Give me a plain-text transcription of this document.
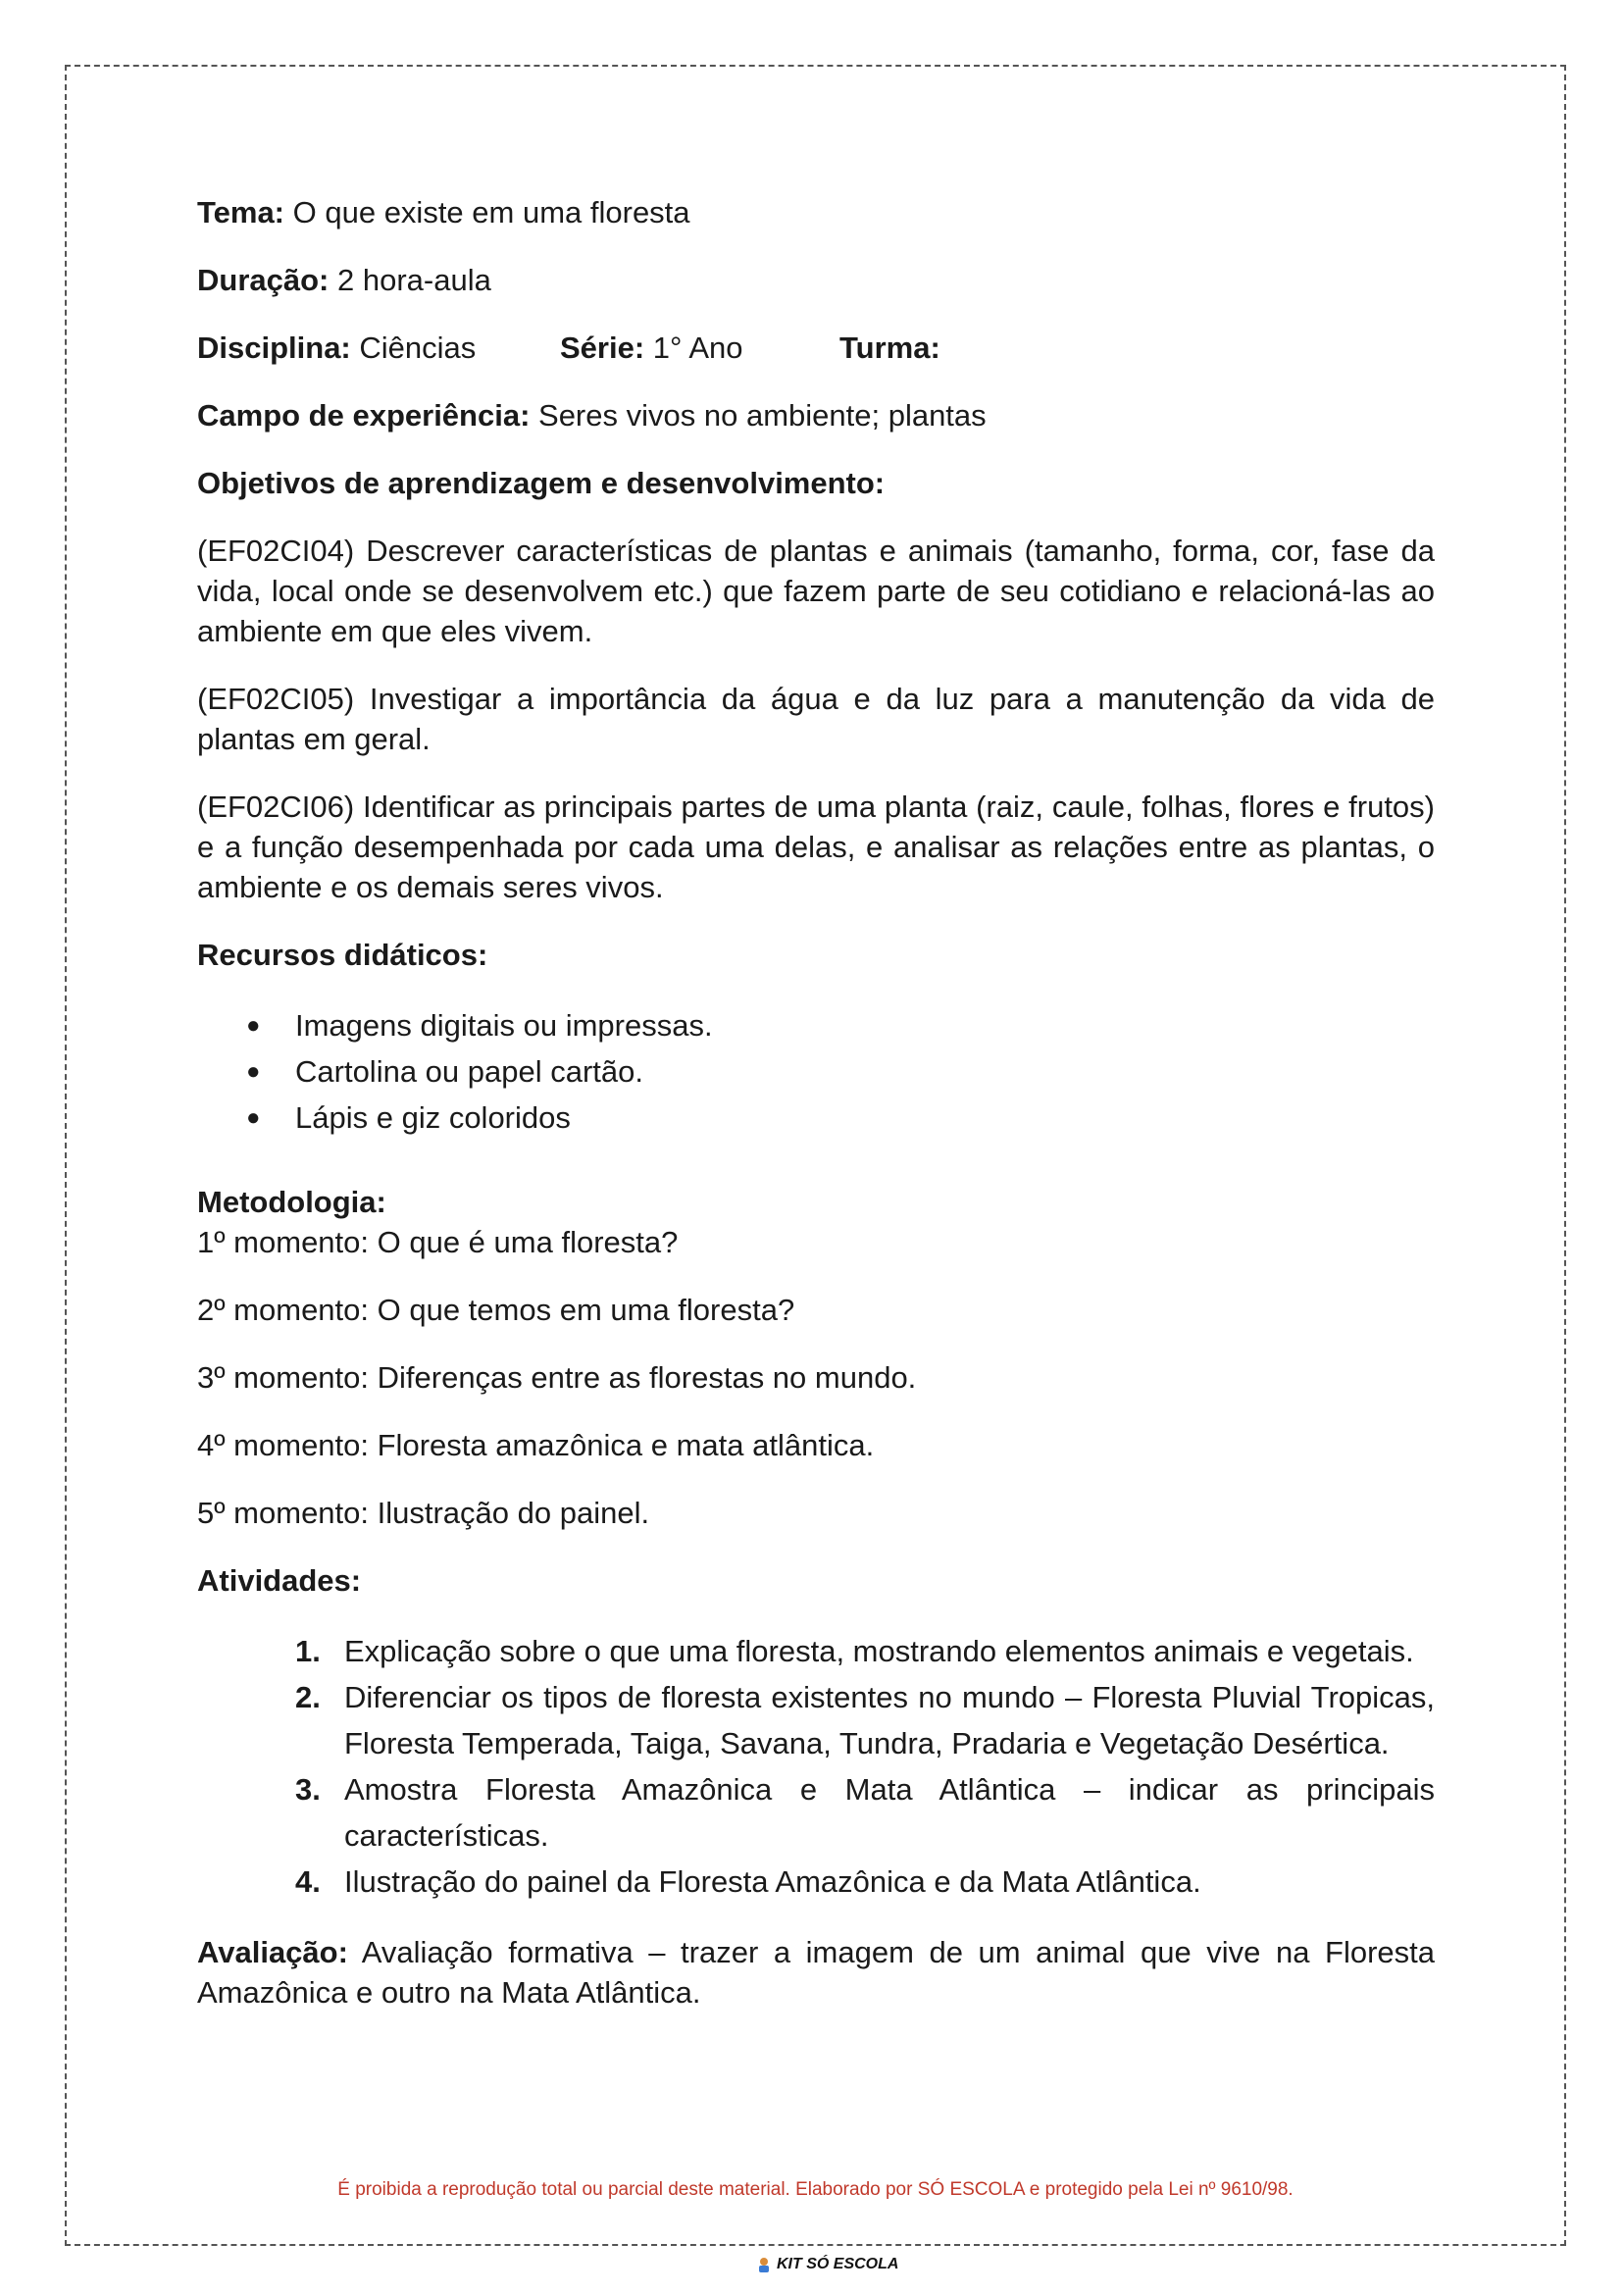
Tema: O que existe em uma floresta

Duração: 2 hora-aula

Disciplina: Ciências	Série: 1° Ano	Turma:

Campo de experiência: Seres vivos no ambiente; plantas

Objetivos de aprendizagem e desenvolvimento:

(EF02CI04) Descrever características de plantas e animais (tamanho, forma, cor, fase da vida, local onde se desenvolvem etc.) que fazem parte de seu cotidiano e relacioná-las ao ambiente em que eles vivem.

(EF02CI05) Investigar a importância da água e da luz para a manutenção da vida de plantas em geral.

(EF02CI06) Identificar as principais partes de uma planta (raiz, caule, folhas, flores e frutos) e a função desempenhada por cada uma delas, e analisar as relações entre as plantas, o ambiente e os demais seres vivos.

Recursos didáticos:

● Imagens digitais ou impressas.
● Cartolina ou papel cartão.
● Lápis e giz coloridos

Metodologia:

1º momento: O que é uma floresta?

2º momento: O que temos em uma floresta?

3º momento: Diferenças entre as florestas no mundo.

4º momento: Floresta amazônica e mata atlântica.

5º momento: Ilustração do painel.

Atividades:

1. Explicação sobre o que uma floresta, mostrando elementos animais e vegetais.
2. Diferenciar os tipos de floresta existentes no mundo – Floresta Pluvial Tropicas, Floresta Temperada, Taiga, Savana, Tundra, Pradaria e Vegetação Desértica.
3. Amostra Floresta Amazônica e Mata Atlântica – indicar as principais características.
4. Ilustração do painel da Floresta Amazônica e da Mata Atlântica.

Avaliação: Avaliação formativa – trazer a imagem de um animal que vive na Floresta Amazônica e outro na Mata Atlântica.

É proibida a reprodução total ou parcial deste material. Elaborado por SÓ ESCOLA e protegido pela Lei nº 9610/98.
KIT SÓ ESCOLA
